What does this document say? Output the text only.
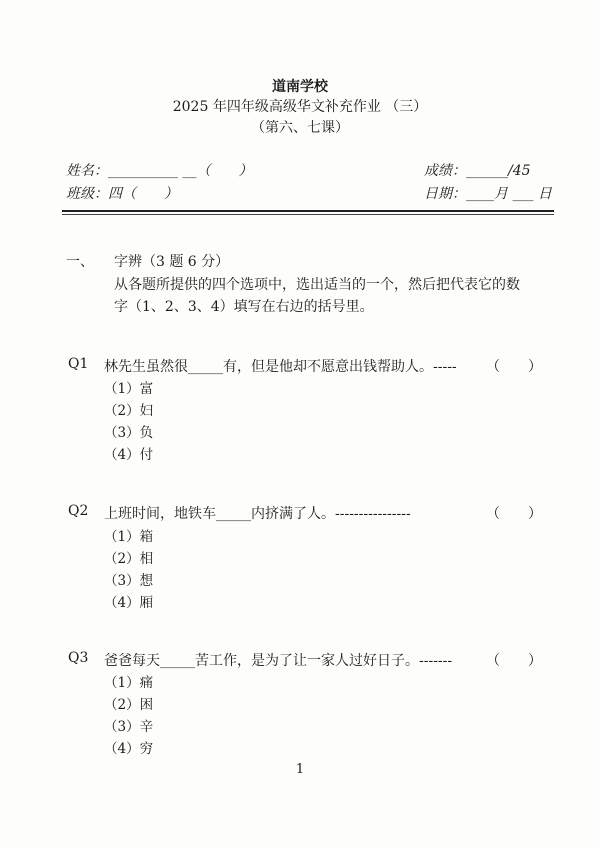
道南学校
2025 年四年级高级华文补充作业 （三）
（第六、七课）
姓名：__________ __（　　）	成绩：______/45
班级：四（　　）	日期：____月 ___ 日
一、 字辨（3 题 6 分）
从各题所提供的四个选项中，选出适当的一个，然后把代表它的数
字（1、2、3、4）填写在右边的括号里。
Q1 林先生虽然很_____有，但是他却不愿意出钱帮助人。----- （　　）
（1）富
（2）妇
（3）负
（4）付
Q2 上班时间，地铁车_____内挤满了人。----------------	（　　）
（1）箱
（2）相
（3）想
（4）厢
Q3 爸爸每天_____苦工作，是为了让一家人过好日子。------- （　　）
（1）痛
（2）困
（3）辛
（4）穷
1
